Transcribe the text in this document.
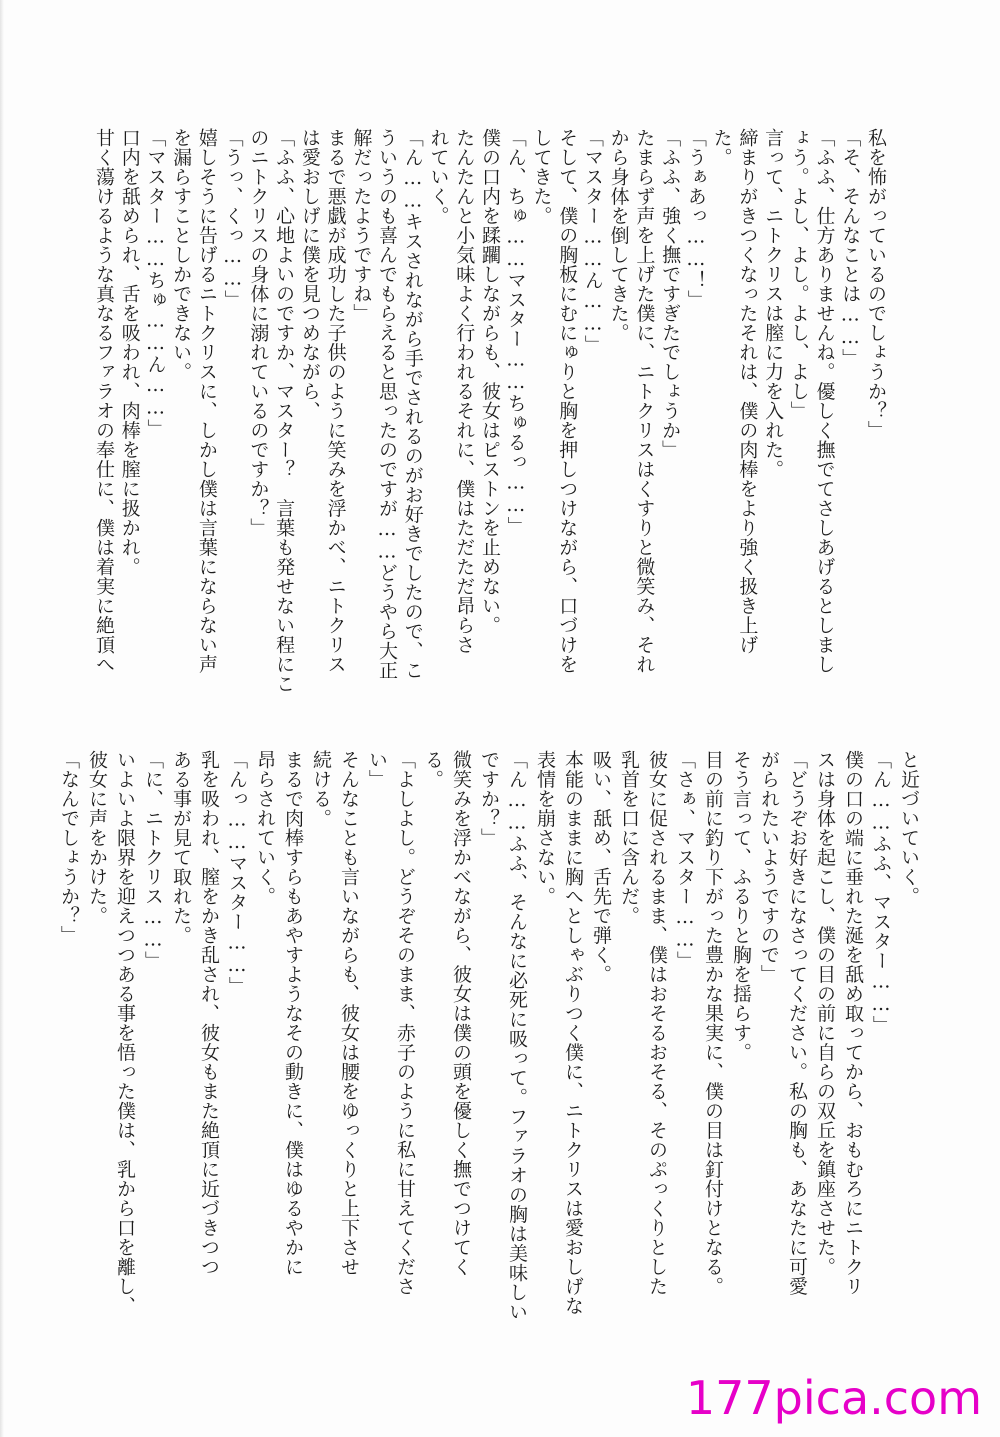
私を怖がっているのでしょうか？」

「そ、そんなことは……」

「ふふ、仕方ありませんね。優しく撫でてさしあげるとしまし

ょう。よし、よし。よし、よし」

言って、ニトクリスは膣に力を入れた。

締まりがきつくなったそれは、僕の肉棒をより強く扱き上げ

た。

「うぁあっ……！」

「ふふ、強く撫ですぎたでしょうか」

たまらず声を上げた僕に、ニトクリスはくすりと微笑み、それ

から身体を倒してきた。

「マスター……ん……」

そして、僕の胸板にむにゅりと胸を押しつけながら、口づけを

してきた。

「ん、ちゅ……マスター……ちゅるっ……」

僕の口内を蹂躙しながらも、彼女はピストンを止めない。

たんたんと小気味よく行われるそれに、僕はただただ昂らさ

れていく。

「ん……キスされながら手でされるのがお好きでしたので、こ

ういうのも喜んでもらえると思ったのですが……どうやら大正

解だったようですね」

まるで悪戯が成功した子供のように笑みを浮かべ、ニトクリス

は愛おしげに僕を見つめながら、

「ふふ、心地よいのですか、マスター？　言葉も発せない程にこ

のニトクリスの身体に溺れているのですか？」

「うっ、くっ……」

嬉しそうに告げるニトクリスに、しかし僕は言葉にならない声

を漏らすことしかできない。

「マスター……ちゅ……ん……」

口内を舐められ、舌を吸われ、肉棒を膣に扱かれ。

甘く蕩けるような真なるファラオの奉仕に、僕は着実に絶頂へ

と近づいていく。

「ん……ふふ、マスター……」

僕の口の端に垂れた涎を舐め取ってから、おもむろにニトクリ

スは身体を起こし、僕の目の前に自らの双丘を鎮座させた。

「どうぞお好きになさってください。私の胸も、あなたに可愛

がられたいようですので」

そう言って、ふるりと胸を揺らす。

目の前に釣り下がった豊かな果実に、僕の目は釘付けとなる。

「さぁ、マスター……」

彼女に促されるまま、僕はおそるおそる、そのぷっくりとした

乳首を口に含んだ。

吸い、舐め、舌先で弾く。

本能のままに胸へとしゃぶりつく僕に、ニトクリスは愛おしげな

表情を崩さない。

「ん……ふふ、そんなに必死に吸って。ファラオの胸は美味しい

ですか？」

微笑みを浮かべながら、彼女は僕の頭を優しく撫でつけてく

る。

「よしよし。どうぞそのまま、赤子のように私に甘えてくださ

い」

そんなことも言いながらも、彼女は腰をゆっくりと上下させ

続ける。

まるで肉棒すらもあやすようなその動きに、僕はゆるやかに

昂らされていく。

「んっ……マスター……」

乳を吸われ、膣をかき乱され、彼女もまた絶頂に近づきつつ

ある事が見て取れた。

「に、ニトクリス……」

いよいよ限界を迎えつつある事を悟った僕は、乳から口を離し、

彼女に声をかけた。

「なんでしょうか？」

177pica.com
